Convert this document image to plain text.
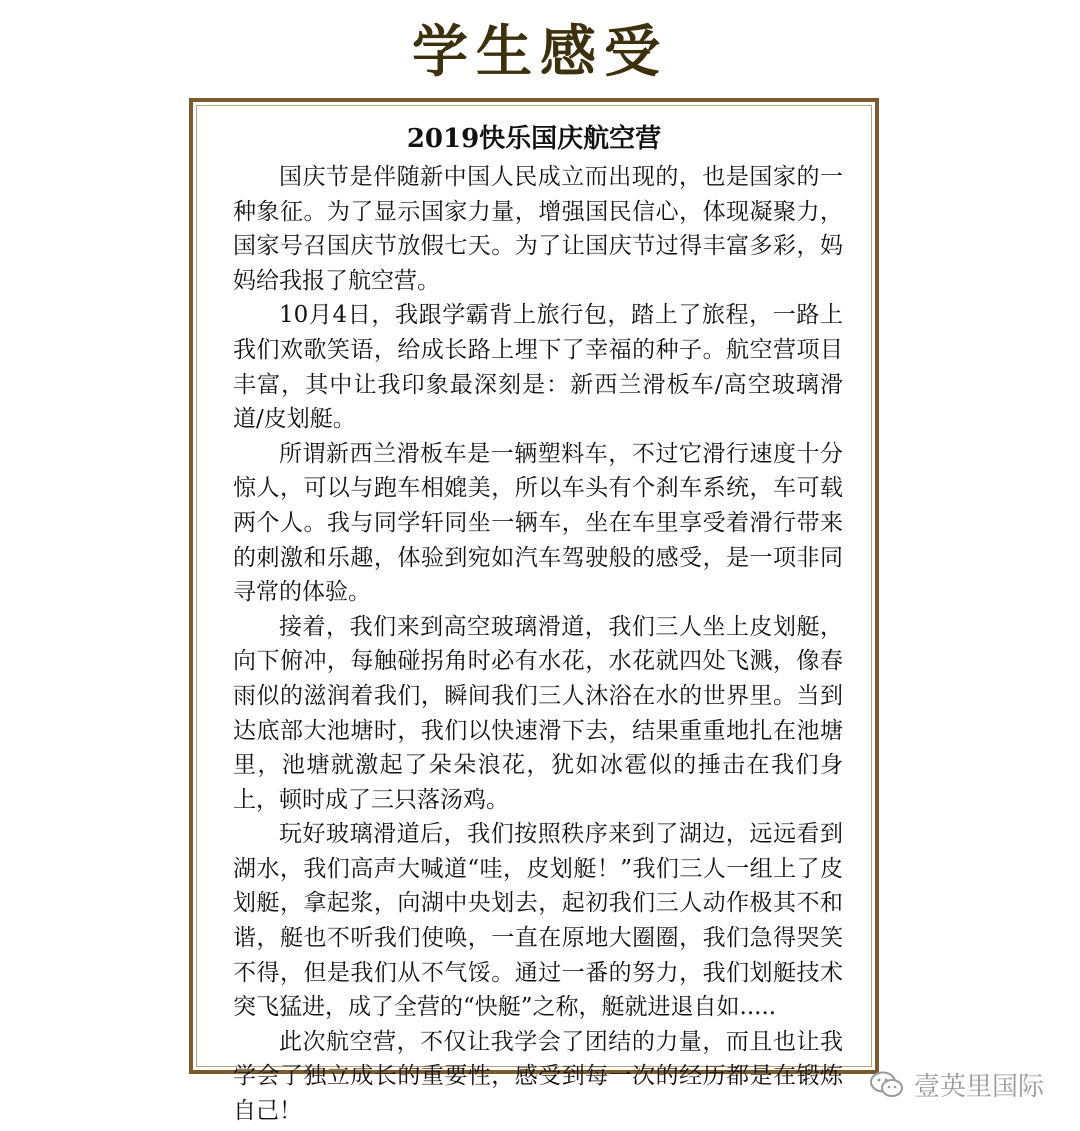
学生感受
2019快乐国庆航空营

国庆节是伴随新中国人民成立而出现的，也是国家的一种象征。为了显示国家力量，增强国民信心，体现凝聚力，国家号召国庆节放假七天。为了让国庆节过得丰富多彩，妈妈给我报了航空营。

10月4日，我跟学霸背上旅行包，踏上了旅程，一路上我们欢歌笑语，给成长路上埋下了幸福的种子。航空营项目丰富，其中让我印象最深刻是：新西兰滑板车/高空玻璃滑道/皮划艇。

所谓新西兰滑板车是一辆塑料车，不过它滑行速度十分惊人，可以与跑车相媲美，所以车头有个刹车系统，车可载两个人。我与同学轩同坐一辆车，坐在车里享受着滑行带来的刺激和乐趣，体验到宛如汽车驾驶般的感受，是一项非同寻常的体验。

接着，我们来到高空玻璃滑道，我们三人坐上皮划艇，向下俯冲，每触碰拐角时必有水花，水花就四处飞溅，像春雨似的滋润着我们，瞬间我们三人沐浴在水的世界里。当到达底部大池塘时，我们以快速滑下去，结果重重地扎在池塘里，池塘就激起了朵朵浪花，犹如冰雹似的捶击在我们身上，顿时成了三只落汤鸡。

玩好玻璃滑道后，我们按照秩序来到了湖边，远远看到湖水，我们高声大喊道“哇，皮划艇！”我们三人一组上了皮划艇，拿起浆，向湖中央划去，起初我们三人动作极其不和谐，艇也不听我们使唤，一直在原地大圈圈，我们急得哭笑不得，但是我们从不气馁。通过一番的努力，我们划艇技术突飞猛进，成了全营的“快艇”之称，艇就进退自如.....

此次航空营，不仅让我学会了团结的力量，而且也让我学会了独立成长的重要性，感受到每一次的经历都是在锻炼自己！

壹英里国际
